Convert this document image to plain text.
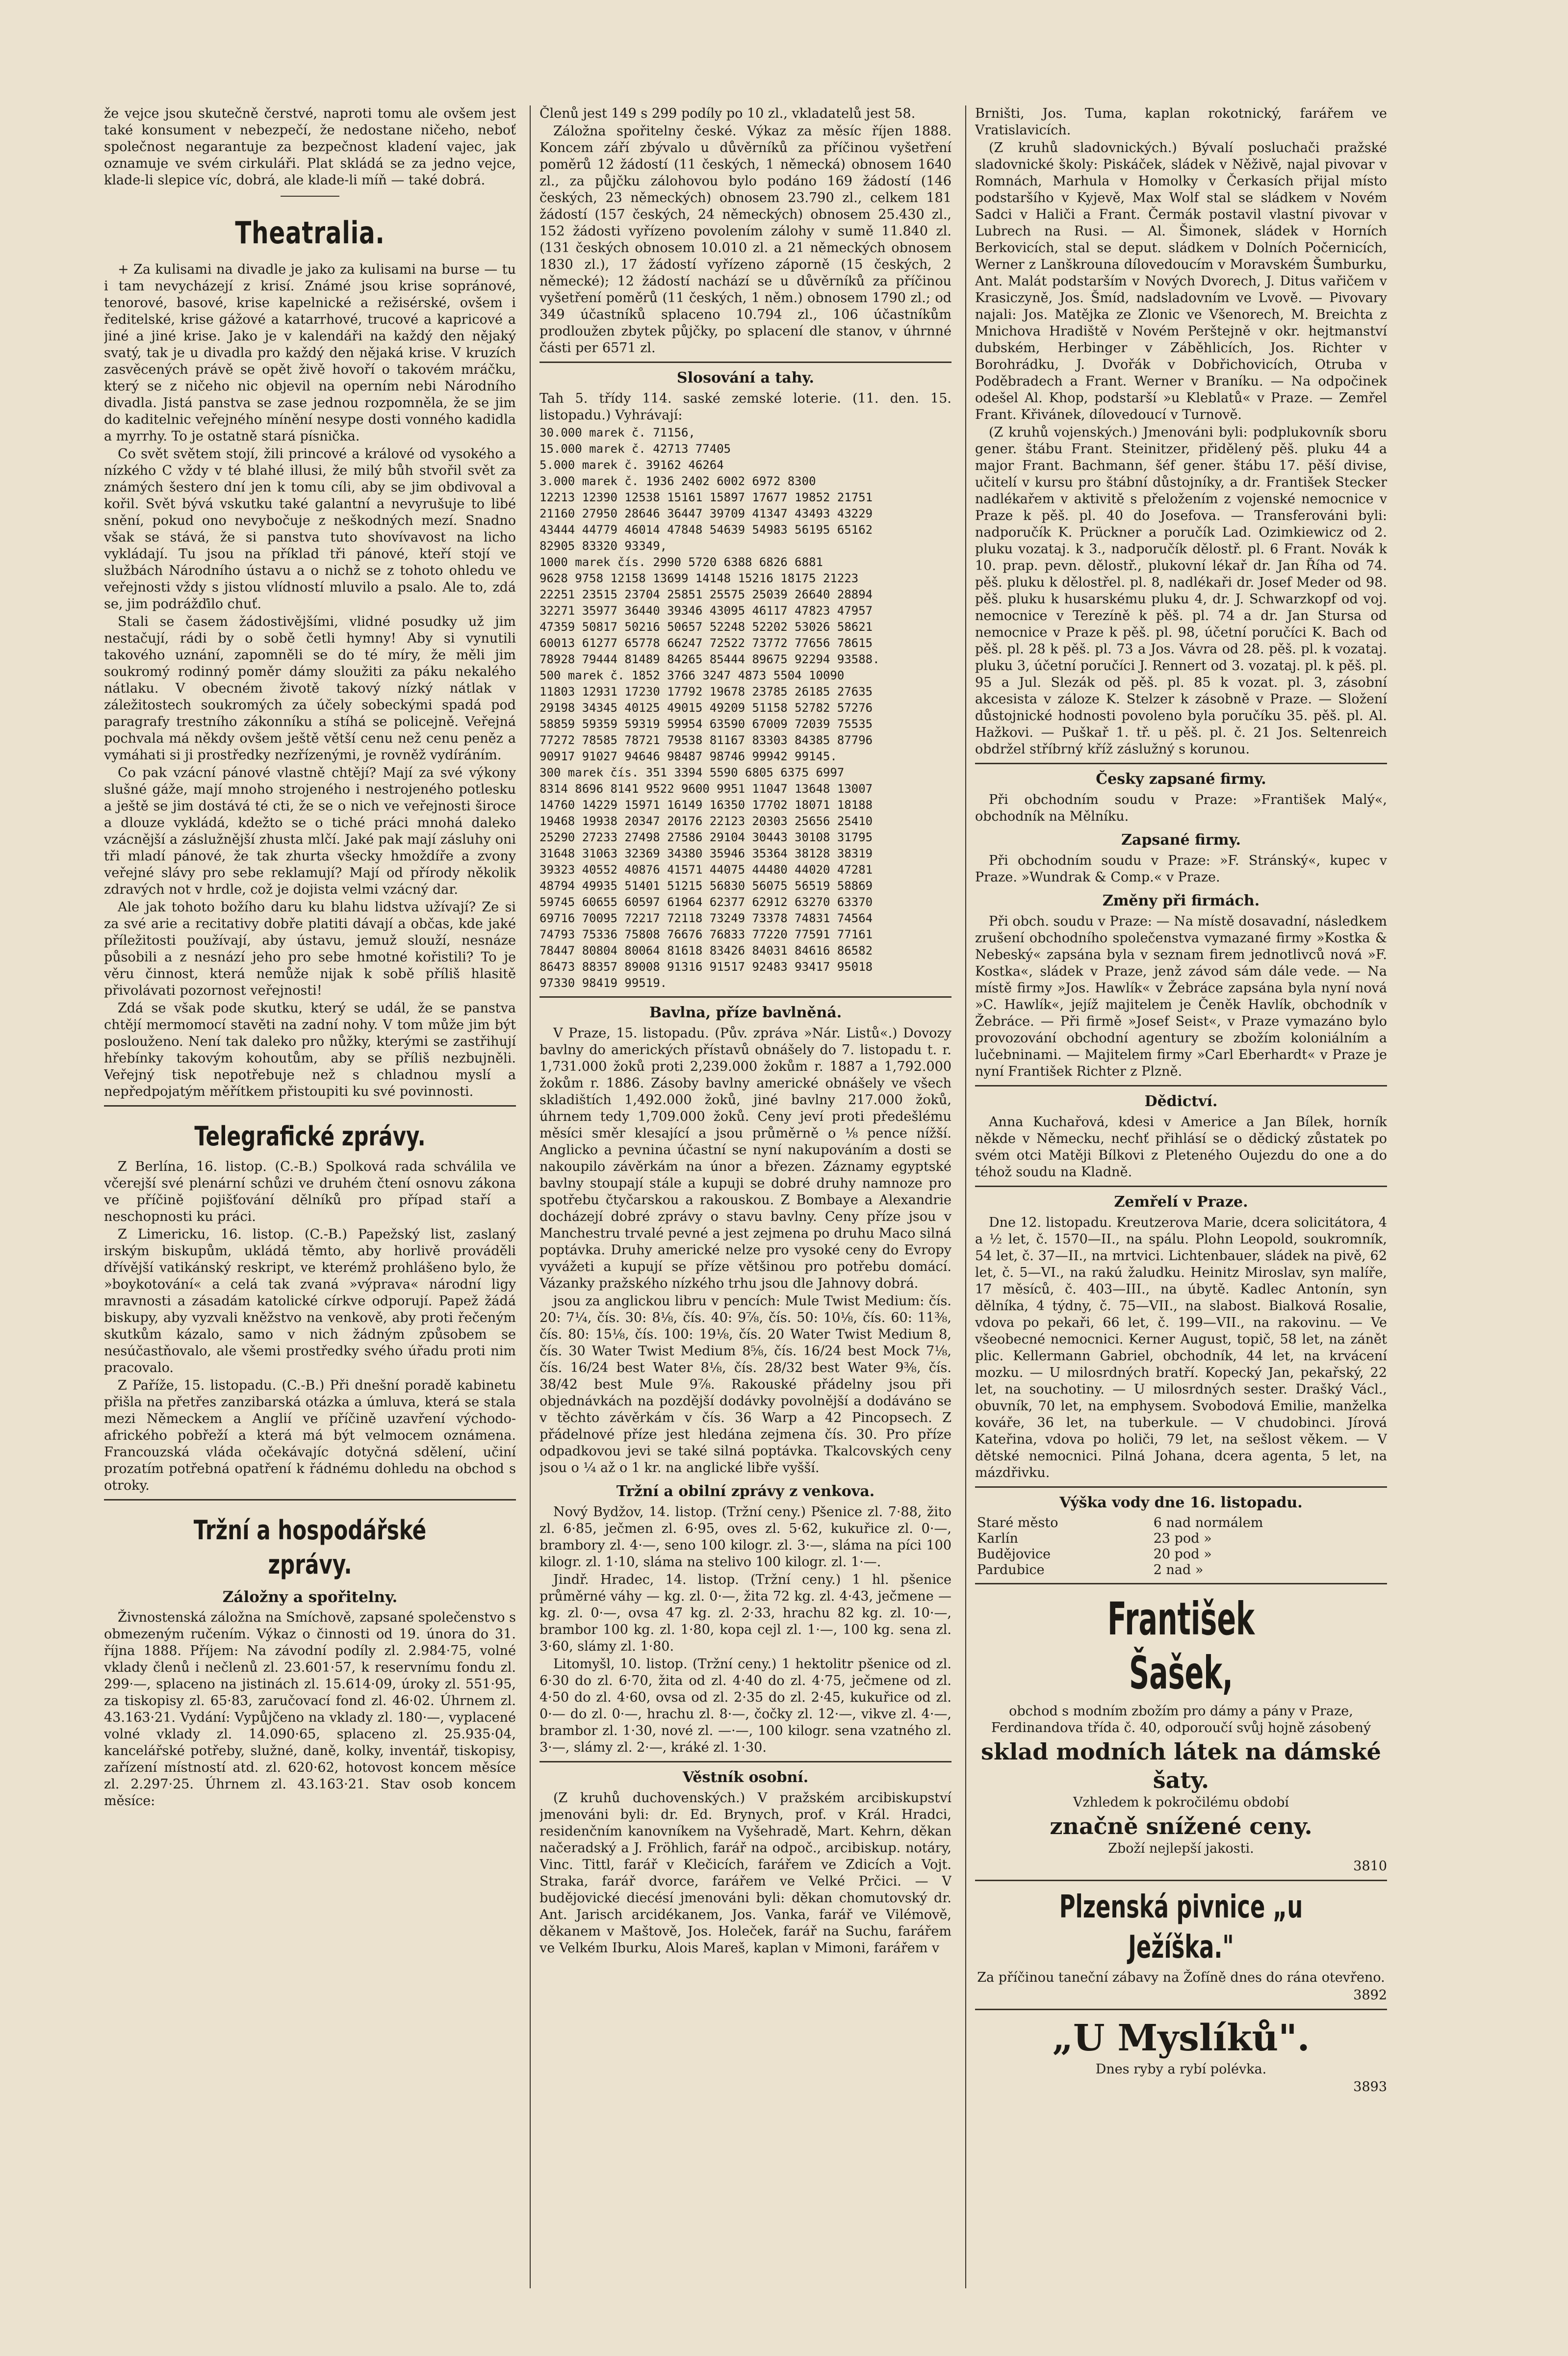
že vejce jsou skutečně čerstvé, naproti tomu ale ovšem jest také konsument v nebezpečí, že nedostane ničeho, neboť společnost negarantuje za bezpečnost kladení vajec, jak oznamuje ve svém cirkuláři. Plat skládá se za jedno vejce, klade-li slepice víc, dobrá, ale klade-li míň — také dobrá.

Theatralia.

+ Za kulisami na divadle je jako za kulisami na burse — tu i tam nevycházejí z krisí. Známé jsou krise sopránové, tenorové, basové, krise kapelnické a režisérské, ovšem i ředitelské, krise gážové a katarrhové, trucové a kapricové a jiné a jiné krise. Jako je v kalendáři na každý den nějaký svatý, tak je u divadla pro každý den nějaká krise. V kruzích zasvěcených právě se opět živě hovoří o takovém mráčku, který se z ničeho nic objevil na operním nebi Národního divadla. Jistá panstva se zase jednou rozpomněla, že se jim do kaditelnic veřejného mínění nesype dosti vonného kadidla a myrrhy. To je ostatně stará písnička.

Co svět světem stojí, žili princové a králové od vysokého a nízkého C vždy v té blahé illusi, že milý bůh stvořil svět za známých šestero dní jen k tomu cíli, aby se jim obdivoval a kořil. Svět bývá vskutku také galantní a nevyrušuje to libé snění, pokud ono nevybočuje z neškodných mezí. Snadno však se stává, že si panstva tuto shovívavost na licho vykládají. Tu jsou na příklad tři pánové, kteří stojí ve službách Národního ústavu a o nichž se z tohoto ohledu ve veřejnosti vždy s jistou vlídností mluvilo a psalo. Ale to, zdá se, jim podrážďilo chuť.

Stali se časem žádostivějšími, vlidné posudky už jim nestačují, rádi by o sobě četli hymny! Aby si vynutili takového uznání, zapomněli se do té míry, že měli jim soukromý rodinný poměr dámy sloužiti za páku nekalého nátlaku. V obecném životě takový nízký nátlak v záležitostech soukromých za účely sobeckými spadá pod paragrafy trestního zákonníku a stíhá se policejně. Veřejná pochvala má někdy ovšem ještě větší cenu než cenu peněz a vymáhati si ji prostředky nezřízenými, je rovněž vydíráním.

Co pak vzácní pánové vlastně chtějí? Mají za své výkony slušné gáže, mají mnoho strojeného i nestrojeného potlesku a ještě se jim dostává té cti, že se o nich ve veřejnosti široce a dlouze vykládá, kdežto se o tiché práci mnohá daleko vzácnější a záslužnější zhusta mlčí. Jaké pak mají zásluhy oni tři mladí pánové, že tak zhurta všecky hmoždíře a zvony veřejné slávy pro sebe reklamují? Mají od přírody několik zdravých not v hrdle, což je dojista velmi vzácný dar.

Ale jak tohoto božího daru ku blahu lidstva užívají? Ze si za své arie a recitativy dobře platiti dávají a občas, kde jaké příležitosti používají, aby ústavu, jemuž slouží, nesnáze působili a z nesnází jeho pro sebe hmotné kořistili? To je věru činnost, která nemůže nijak k sobě příliš hlasitě přivolávati pozornost veřejnosti!

Zdá se však pode skutku, který se udál, že se panstva chtějí mermomocí stavěti na zadní nohy. V tom může jim být poslouženo. Není tak daleko pro nůžky, kterými se zastřihují hřebínky takovým kohoutům, aby se příliš nezbujněli. Veřejný tisk nepotřebuje než s chladnou myslí a nepředpojatým měřítkem přistoupiti ku své povinnosti.

Telegrafické zprávy.

Z Berlína, 16. listop. (C.-B.) Spolková rada schválila ve včerejší své plenární schůzi ve druhém čtení osnovu zákona ve příčině pojišťování dělníků pro případ staří a neschopnosti ku práci.

Z Limericku, 16. listop. (C.-B.) Papežský list, zaslaný irským biskupům, ukládá těmto, aby horlivě prováděli dřívější vatikánský reskript, ve kterémž prohlášeno bylo, že »boykotování« a celá tak zvaná »výprava« národní ligy mravnosti a zásadám katolické církve odporují. Papež žádá biskupy, aby vyzvali kněžstvo na venkově, aby proti řečeným skutkům kázalo, samo v nich žádným způsobem se nesúčastňovalo, ale všemi prostředky svého úřadu proti nim pracovalo.

Z Paříže, 15. listopadu. (C.-B.) Při dnešní poradě kabinetu přišla na přetřes zanzibarská otázka a úmluva, která se stala mezi Německem a Anglií ve příčině uzavření východo-afrického pobřeží a která má být velmocem oznámena. Francouzská vláda očekávajíc dotyčná sdělení, učiní prozatím potřebná opatření k řádnému dohledu na obchod s otroky.

Tržní a hospodářské zprávy.
Záložny a spořitelny.

Živnostenská záložna na Smíchově, zapsané společenstvo s obmezeným ručením. Výkaz o činnosti od 19. února do 31. října 1888. Příjem: Na závodní podíly zl. 2.984·75, volné vklady členů i nečlenů zl. 23.601·57, k reservnímu fondu zl. 299·—, splaceno na jistinách zl. 15.614·09, úroky zl. 551·95, za tiskopisy zl. 65·83, zaručovací fond zl. 46·02. Úhrnem zl. 43.163·21. Vydání: Vypůjčeno na vklady zl. 180·—, vyplacené volné vklady zl. 14.090·65, splaceno zl. 25.935·04, kancelářské potřeby, služné, daně, kolky, inventář, tiskopisy, zařízení místností atd. zl. 620·62, hotovost koncem měsíce zl. 2.297·25. Úhrnem zl. 43.163·21. Stav osob koncem měsíce:

Členů jest 149 s 299 podíly po 10 zl., vkladatelů jest 58.

Záložna spořitelny české. Výkaz za měsíc říjen 1888. Koncem září zbývalo u důvěrníků za příčinou vyšetření poměrů 12 žádostí (11 českých, 1 německá) obnosem 1640 zl., za půjčku zálohovou bylo podáno 169 žádostí (146 českých, 23 německých) obnosem 23.790 zl., celkem 181 žádostí (157 českých, 24 německých) obnosem 25.430 zl., 152 žádosti vyřízeno povolením zálohy v sumě 11.840 zl. (131 českých obnosem 10.010 zl. a 21 německých obnosem 1830 zl.), 17 žádostí vyřízeno záporně (15 českých, 2 německé); 12 žádostí nachází se u důvěrníků za příčinou vyšetření poměrů (11 českých, 1 něm.) obnosem 1790 zl.; od 349 účastníků splaceno 10.794 zl., 106 účastníkům prodloužen zbytek půjčky, po splacení dle stanov, v úhrnné části per 6571 zl.

Slosování a tahy.

Tah 5. třídy 114. saské zemské loterie. (11. den. 15. listopadu.) Vyhrávají:

30.000 marek č. 71156,
15.000 marek č. 42713 77405
5.000 marek č. 39162 46264
3.000 marek č. 1936 2402 6002 6972 8300
12213 12390 12538 15161 15897 17677 19852 21751
21160 27950 28646 36447 39709 41347 43493 43229
43444 44779 46014 47848 54639 54983 56195 65162
82905 83320 93349,
1000 marek čís. 2990 5720 6388 6826 6881
9628 9758 12158 13699 14148 15216 18175 21223
22251 23515 23704 25851 25575 25039 26640 28894
32271 35977 36440 39346 43095 46117 47823 47957
47359 50817 50216 50657 52248 52202 53026 58621
60013 61277 65778 66247 72522 73772 77656 78615
78928 79444 81489 84265 85444 89675 92294 93588.
500 marek č. 1852 3766 3247 4873 5504 10090
11803 12931 17230 17792 19678 23785 26185 27635
29198 34345 40125 49015 49209 51158 52782 57276
58859 59359 59319 59954 63590 67009 72039 75535
77272 78585 78721 79538 81167 83303 84385 87796
90917 91027 94646 98487 98746 99942 99145.
300 marek čís. 351 3394 5590 6805 6375 6997
8314 8696 8141 9522 9600 9951 11047 13648 13007
14760 14229 15971 16149 16350 17702 18071 18188
19468 19938 20347 20176 22123 20303 25656 25410
25290 27233 27498 27586 29104 30443 30108 31795
31648 31063 32369 34380 35946 35364 38128 38319
39323 40552 40876 41571 44075 44480 44020 47281
48794 49935 51401 51215 56830 56075 56519 58869
59745 60655 60597 61964 62377 62912 63270 63370
69716 70095 72217 72118 73249 73378 74831 74564
74793 75336 75808 76676 76833 77220 77591 77161
78447 80804 80064 81618 83426 84031 84616 86582
86473 88357 89008 91316 91517 92483 93417 95018
97330 98419 99519.
Bavlna, příze bavlněná.

V Praze, 15. listopadu. (Pův. zpráva »Nár. Listů«.) Dovozy bavlny do amerických přístavů obnášely do 7. listopadu t. r. 1,731.000 žoků proti 2,239.000 žokům r. 1887 a 1,792.000 žokům r. 1886. Zásoby bavlny americké obnášely ve všech skladištích 1,492.000 žoků, jiné bavlny 217.000 žoků, úhrnem tedy 1,709.000 žoků. Ceny jeví proti předešlému měsíci směr klesající a jsou průměrně o ⅛ pence nížší. Anglicko a pevnina účastní se nyní nakupováním a dosti se nakoupilo závěrkám na únor a březen. Záznamy egyptské bavlny stoupají stále a kupuji se dobré druhy namnoze pro spotřebu čtyčarskou a rakouskou. Z Bombaye a Alexandrie docházejí dobré zprávy o stavu bavlny. Ceny příze jsou v Manchestru trvalé pevné a jest zejmena po druhu Maco silná poptávka. Druhy americké nelze pro vysoké ceny do Evropy vyvážeti a kupují se příze většinou pro potřebu domácí. Vázanky pražského nízkého trhu jsou dle Jahnovy dobrá.

jsou za anglickou libru v pencích: Mule Twist Medium: čís. 20: 7¼, čís. 30: 8⅛, čís. 40: 9⅞, čís. 50: 10⅛, čís. 60: 11⅜, čís. 80: 15⅛, čís. 100: 19⅛, čís. 20 Water Twist Medium 8, čís. 30 Water Twist Medium 8⅝, čís. 16/24 best Mock 7⅛, čís. 16/24 best Water 8⅛, čís. 28/32 best Water 9⅜, čís. 38/42 best Mule 9⅞. Rakouské přádelny jsou při objednávkách na pozdější dodávky povolnější a dodáváno se v těchto závěrkám v čís. 36 Warp a 42 Pincopsech. Z přádelnové příze jest hledána zejmena čís. 30. Pro příze odpadkovou jevi se také silná poptávka. Tkalcovských ceny jsou o ¼ až o 1 kr. na anglické libře vyšší.

Tržní a obilní zprávy z venkova.

Nový Bydžov, 14. listop. (Tržní ceny.) Pšenice zl. 7·88, žito zl. 6·85, ječmen zl. 6·95, oves zl. 5·62, kukuřice zl. 0·—, brambory zl. 4·—, seno 100 kilogr. zl. 3·—, sláma na píci 100 kilogr. zl. 1·10, sláma na stelivo 100 kilogr. zl. 1·—.

Jindř. Hradec, 14. listop. (Tržní ceny.) 1 hl. pšenice průměrné váhy — kg. zl. 0·—, žita 72 kg. zl. 4·43, ječmene — kg. zl. 0·—, ovsa 47 kg. zl. 2·33, hrachu 82 kg. zl. 10·—, brambor 100 kg. zl. 1·80, kopa cejl zl. 1·—, 100 kg. sena zl. 3·60, slámy zl. 1·80.

Litomyšl, 10. listop. (Tržní ceny.) 1 hektolitr pšenice od zl. 6·30 do zl. 6·70, žita od zl. 4·40 do zl. 4·75, ječmene od zl. 4·50 do zl. 4·60, ovsa od zl. 2·35 do zl. 2·45, kukuřice od zl. 0·— do zl. 0·—, hrachu zl. 8·—, čočky zl. 12·—, vikve zl. 4·—, brambor zl. 1·30, nové zl. —·—, 100 kilogr. sena vzatného zl. 3·—, slámy zl. 2·—, kráké zl. 1·30.

Věstník osobní.

(Z kruhů duchovenských.) V pražském arcibiskupství jmenováni byli: dr. Ed. Brynych, prof. v Král. Hradci, residenčním kanovníkem na Vyšehradě, Mart. Kehrn, děkan načeradský a J. Fröhlich, farář na odpoč., arcibiskup. notáry, Vinc. Tittl, farář v Klečicích, farářem ve Zdicích a Vojt. Straka, farář dvorce, farářem ve Velké Prčici. — V budějovické diecésí jmenováni byli: děkan chomutovský dr. Ant. Jarisch arcidékanem, Jos. Vanka, farář ve Vilémově, děkanem v Maštově, Jos. Holeček, farář na Suchu, farářem ve Velkém Iburku, Alois Mareš, kaplan v Mimoni, farářem v

Brništi, Jos. Tuma, kaplan rokotnický, farářem ve Vratislavicích.

(Z kruhů sladovnických.) Bývalí posluchači pražské sladovnické školy: Piskáček, sládek v Něživě, najal pivovar v Romnách, Marhula v Homolky v Čerkasích přijal místo podstaršího v Kyjevě, Max Wolf stal se sládkem v Novém Sadci v Haliči a Frant. Čermák postavil vlastní pivovar v Lubrech na Rusi. — Al. Šimonek, sládek v Horních Berkovicích, stal se deput. sládkem v Dolních Počernicích, Werner z Lanškrouna dílovedoucím v Moravském Šumburku, Ant. Malát podstarším v Nových Dvorech, J. Ditus vařičem v Krasiczyně, Jos. Šmíd, nadsladovním ve Lvově. — Pivovary najali: Jos. Matějka ze Zlonic ve Všenorech, M. Breichta z Mnichova Hradiště v Novém Perštejně v okr. hejtmanství dubském, Herbinger v Záběhlicích, Jos. Richter v Borohrádku, J. Dvořák v Dobřichovicích, Otruba v Poděbradech a Frant. Werner v Braníku. — Na odpočinek odešel Al. Khop, podstarší »u Kleblatů« v Praze. — Zemřel Frant. Křivánek, dílovedoucí v Turnově.

(Z kruhů vojenských.) Jmenováni byli: podplukovník sboru gener. štábu Frant. Steinitzer, přidělený pěš. pluku 44 a major Frant. Bachmann, šéf gener. štábu 17. pěší divise, učitelí v kursu pro štábní důstojníky, a dr. František Stecker nadlékařem v aktivitě s přeložením z vojenské nemocnice v Praze k pěš. pl. 40 do Josefova. — Transferováni byli: nadporučík K. Prückner a poručík Lad. Ozimkiewicz od 2. pluku vozataj. k 3., nadporučík dělostř. pl. 6 Frant. Novák k 10. prap. pevn. dělostř., plukovní lékař dr. Jan Říha od 74. pěš. pluku k dělostřel. pl. 8, nadlékaři dr. Josef Meder od 98. pěš. pluku k husarskému pluku 4, dr. J. Schwarzkopf od voj. nemocnice v Terezíně k pěš. pl. 74 a dr. Jan Stursa od nemocnice v Praze k pěš. pl. 98, účetní poručíci K. Bach od pěš. pl. 28 k pěš. pl. 73 a Jos. Vávra od 28. pěš. pl. k vozataj. pluku 3, účetní poručíci J. Rennert od 3. vozataj. pl. k pěš. pl. 95 a Jul. Slezák od pěš. pl. 85 k vozat. pl. 3, zásobní akcesista v záloze K. Stelzer k zásobně v Praze. — Složení důstojnické hodnosti povoleno byla poručíku 35. pěš. pl. Al. Hažkovi. — Puškař 1. tř. u pěš. pl. č. 21 Jos. Seltenreich obdržel stříbrný kříž záslužný s korunou.

Česky zapsané firmy.

Při obchodním soudu v Praze: »František Malý«, obchodník na Mělníku.

Zapsané firmy.

Při obchodním soudu v Praze: »F. Stránský«, kupec v Praze. »Wundrak & Comp.« v Praze.

Změny při firmách.

Při obch. soudu v Praze: — Na místě dosavadní, následkem zrušení obchodního společenstva vymazané firmy »Kostka & Nebeský« zapsána byla v seznam firem jednotlivců nová »F. Kostka«, sládek v Praze, jenž závod sám dále vede. — Na místě firmy »Jos. Hawlík« v Žebráce zapsána byla nyní nová »C. Hawlík«, jejíž majitelem je Čeněk Havlík, obchodník v Žebráce. — Při firmě »Josef Seist«, v Praze vymazáno bylo provozování obchodní agentury se zbožím koloniálním a lučebninami. — Majitelem firmy »Carl Eberhardt« v Praze je nyní František Richter z Plzně.

Dědictví.

Anna Kuchařová, kdesi v Americe a Jan Bílek, horník někde v Německu, nechť přihlásí se o dědický zůstatek po svém otci Matěji Bílkovi z Pleteného Oujezdu do one a do téhož soudu na Kladně.

Zemřelí v Praze.

Dne 12. listopadu. Kreutzerova Marie, dcera solicitátora, 4 a ½ let, č. 1570—II., na spálu. Plohn Leopold, soukromník, 54 let, č. 37—II., na mrtvici. Lichtenbauer, sládek na pivě, 62 let, č. 5—VI., na rakú žaludku. Heinitz Miroslav, syn malíře, 17 měsíců, č. 403—III., na úbytě. Kadlec Antonín, syn dělníka, 4 týdny, č. 75—VII., na slabost. Bialková Rosalie, vdova po pekaři, 66 let, č. 199—VII., na rakovinu. — Ve všeobecné nemocnici. Kerner August, topič, 58 let, na zánět plic. Kellermann Gabriel, obchodník, 44 let, na krvácení mozku. — U milosrdných bratří. Kopecký Jan, pekařský, 22 let, na souchotiny. — U milosrdných sester. Drašký Václ., obuvník, 70 let, na emphysem. Svobodová Emilie, manželka kováře, 36 let, na tuberkule. — V chudobinci. Jírová Kateřina, vdova po holiči, 79 let, na sešlost věkem. — V dětské nemocnici. Pilná Johana, dcera agenta, 5 let, na mázdřivku.

Výška vody dne 16. listopadu.
Staré město	6 nad normálem
Karlín	23 pod »
Budějovice	20 pod »
Pardubice	2 nad »
František Šašek,

obchod s modním zbožím pro dámy a pány v Praze, Ferdinandova třída č. 40, odporoučí svůj hojně zásobený

sklad modních látek na dámské šaty.

Vzhledem k pokročilému období

značně snížené ceny.

Zboží nejlepší jakosti.

3810

Plzenská pivnice „u Ježíška."

Za příčinou taneční zábavy na Žofíně dnes do rána otevřeno.

3892

„U Myslíků".

Dnes ryby a rybí polévka.

3893
